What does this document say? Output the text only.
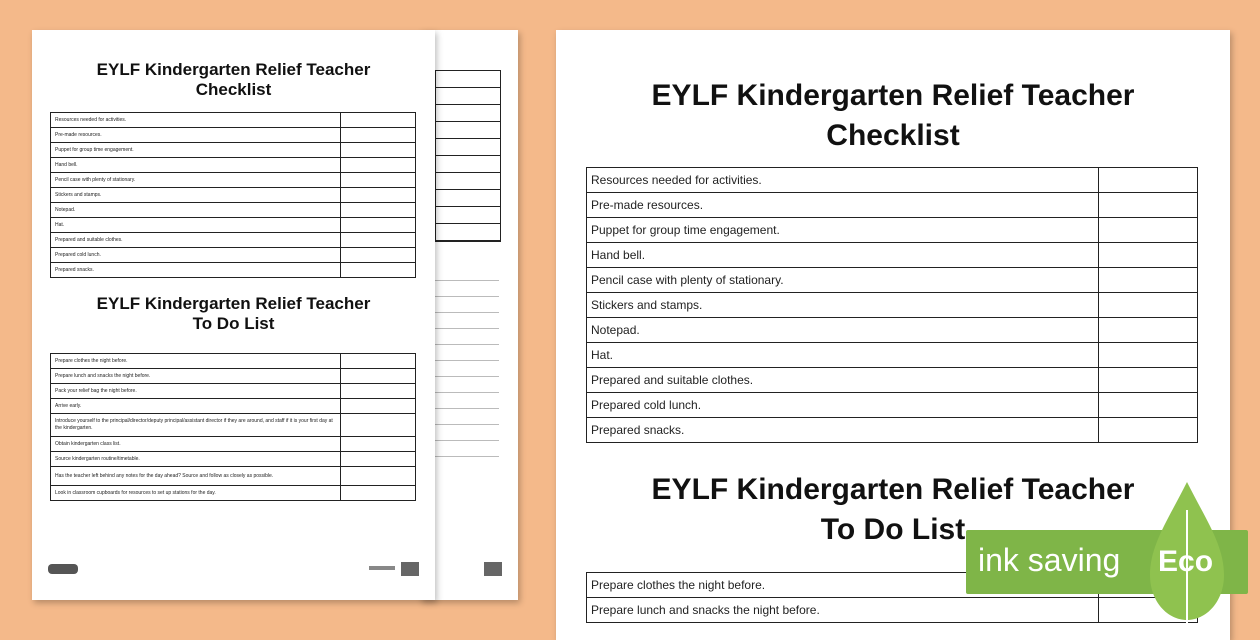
EYLF Kindergarten Relief Teacher
Checklist
Resources needed for activities.	
Pre-made resources.	
Puppet for group time engagement.	
Hand bell.	
Pencil case with plenty of stationary.	
Stickers and stamps.	
Notepad.	
Hat.	
Prepared and suitable clothes.	
Prepared cold lunch.	
Prepared snacks.	
EYLF Kindergarten Relief Teacher
To Do List
Prepare clothes the night before.	
Prepare lunch and snacks the night before.	
Pack your relief bag the night before.	
Arrive early.	
Introduce yourself to the principal/director/deputy principal/assistant director if they are around, and staff if it is your first day at the kindergarten.	
Obtain kindergarten class list.	
Source kindergarten routine/timetable.	
Has the teacher left behind any notes for the day ahead? Source and follow as closely as possible.	
Look in classroom cupboards for resources to set up stations for the day.	
EYLF Kindergarten Relief Teacher
Checklist
Resources needed for activities.	
Pre-made resources.	
Puppet for group time engagement.	
Hand bell.	
Pencil case with plenty of stationary.	
Stickers and stamps.	
Notepad.	
Hat.	
Prepared and suitable clothes.	
Prepared cold lunch.	
Prepared snacks.	
EYLF Kindergarten Relief Teacher
To Do List
Prepare clothes the night before.	
Prepare lunch and snacks the night before.	
ink saving Eco
